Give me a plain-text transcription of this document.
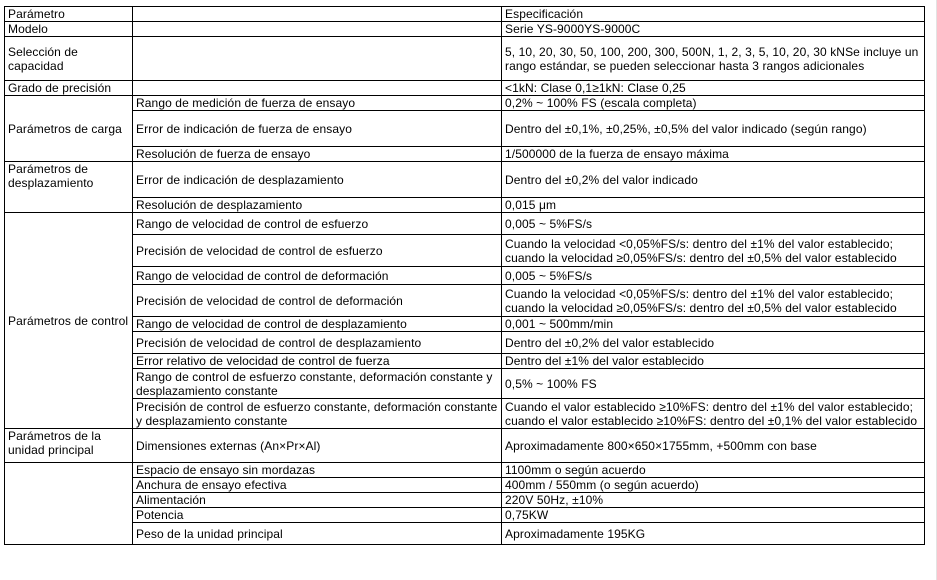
Parámetro		Especificación
Modelo		Serie YS-9000YS-9000C

Selección de capacidad		5, 10, 20, 30, 50, 100, 200, 300, 500N, 1, 2, 3, 5, 10, 20, 30 kNSe incluye un
rango estándar, se pueden seleccionar hasta 3 rangos adicionales

Grado de precisión		<1kN: Clase 0,1≥1kN: Clase 0,25

Parámetros de carga	Rango de medición de fuerza de ensayo	0,2% ~ 100% FS (escala completa)

	Error de indicación de fuerza de ensayo	Dentro del ±0,1%, ±0,25%, ±0,5% del valor indicado (según rango)

	Resolución de fuerza de ensayo	1/500000 de la fuerza de ensayo máxima

Parámetros de desplazamiento	Error de indicación de desplazamiento	Dentro del ±0,2% del valor indicado

	Resolución de desplazamiento	0,015 μm

Parámetros de control	Rango de velocidad de control de esfuerzo	0,005 ~ 5%FS/s

	Precisión de velocidad de control de esfuerzo	Cuando la velocidad <0,05%FS/s: dentro del ±1% del valor establecido;
cuando la velocidad ≥0,05%FS/s: dentro del ±0,5% del valor establecido

	Rango de velocidad de control de deformación	0,005 ~ 5%FS/s

	Precisión de velocidad de control de deformación	Cuando la velocidad <0,05%FS/s: dentro del ±1% del valor establecido;
cuando la velocidad ≥0,05%FS/s: dentro del ±0,5% del valor establecido

	Rango de velocidad de control de desplazamiento	0,001 ~ 500mm/min

	Precisión de velocidad de control de desplazamiento	Dentro del ±0,2% del valor establecido

	Error relativo de velocidad de control de fuerza	Dentro del ±1% del valor establecido

	Rango de control de esfuerzo constante, deformación constante y desplazamiento constante	0,5% ~ 100% FS

	Precisión de control de esfuerzo constante, deformación constante y desplazamiento constante	Cuando el valor establecido ≥10%FS: dentro del ±1% del valor establecido;
cuando el valor establecido ≥10%FS: dentro del ±0,1% del valor establecido

Parámetros de la unidad principal	Dimensiones externas (An×Pr×Al)	Aproximadamente 800×650×1755mm, +500mm con base

	Espacio de ensayo sin mordazas	1100mm o según acuerdo

	Anchura de ensayo efectiva	400mm / 550mm (o según acuerdo)

	Alimentación	220V 50Hz, ±10%

	Potencia	0,75KW

	Peso de la unidad principal	Aproximadamente 195KG
